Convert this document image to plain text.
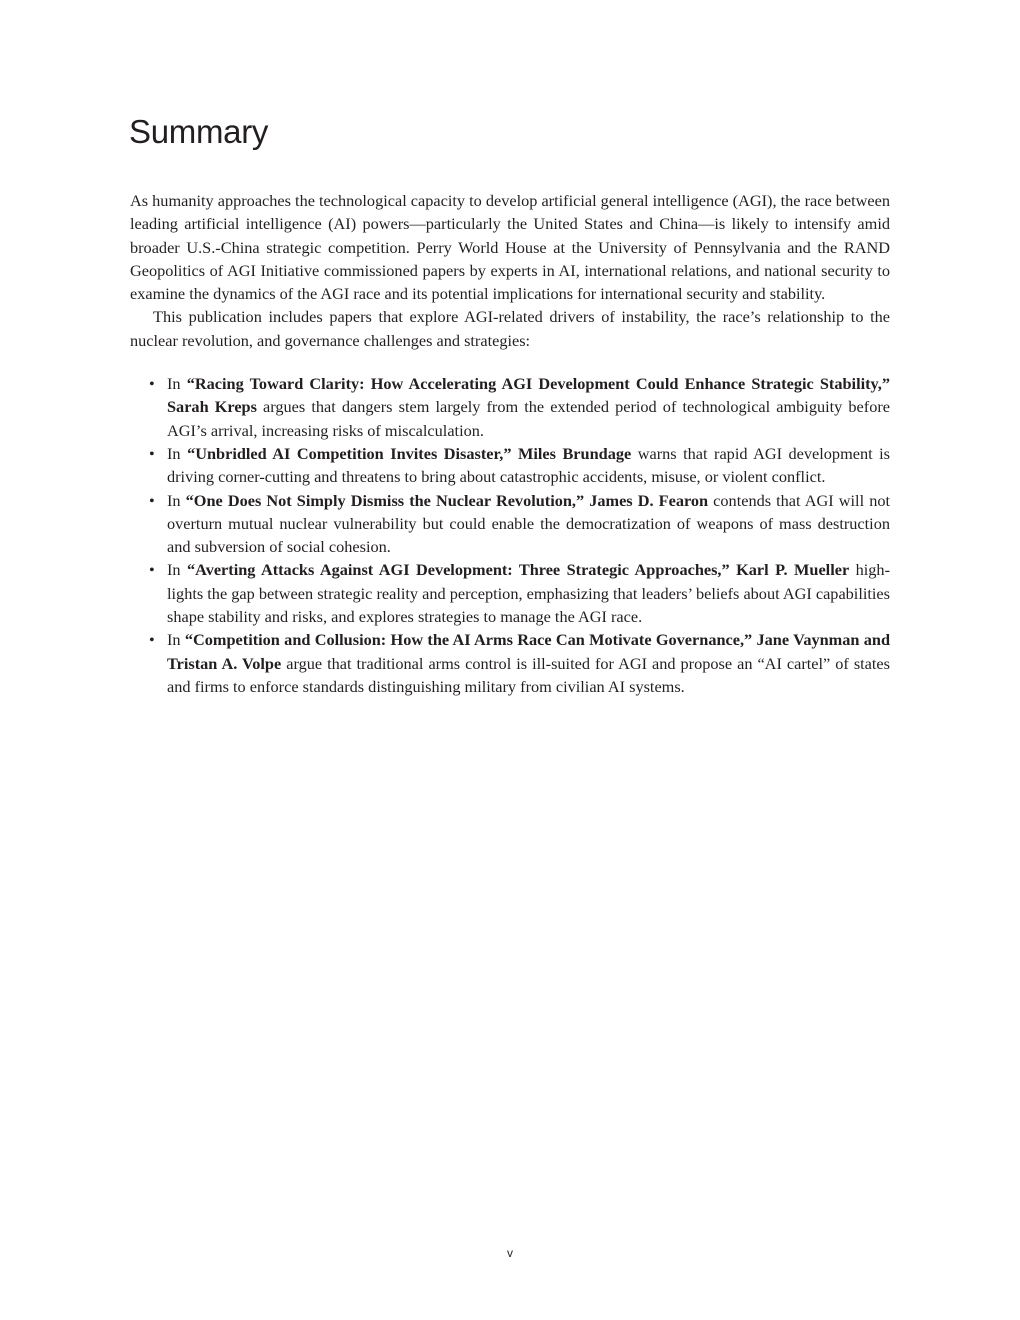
Summary

As humanity approaches the technological capacity to develop artificial general intelligence (AGI), the race between leading artificial intelligence (AI) powers—particularly the United States and China—is likely to intensify amid broader U.S.-China strategic competition. Perry World House at the University of Pennsylvania and the RAND Geopolitics of AGI Initiative commissioned papers by experts in AI, international relations, and national security to examine the dynamics of the AGI race and its potential implications for international security and stability.

This publication includes papers that explore AGI-related drivers of instability, the race’s relationship to the nuclear revolution, and governance challenges and strategies:

• In “Racing Toward Clarity: How Accelerating AGI Development Could Enhance Strategic Stability,” Sarah Kreps argues that dangers stem largely from the extended period of technological ambiguity before AGI’s arrival, increasing risks of miscalculation.
• In “Unbridled AI Competition Invites Disaster,” Miles Brundage warns that rapid AGI development is driving corner-cutting and threatens to bring about catastrophic accidents, misuse, or violent conflict.
• In “One Does Not Simply Dismiss the Nuclear Revolution,” James D. Fearon contends that AGI will not overturn mutual nuclear vulnerability but could enable the democratization of weapons of mass destruction and subversion of social cohesion.
• In “Averting Attacks Against AGI Development: Three Strategic Approaches,” Karl P. Mueller highlights the gap between strategic reality and perception, emphasizing that leaders’ beliefs about AGI capabilities shape stability and risks, and explores strategies to manage the AGI race.
• In “Competition and Collusion: How the AI Arms Race Can Motivate Governance,” Jane Vaynman and Tristan A. Volpe argue that traditional arms control is ill-suited for AGI and propose an “AI cartel” of states and firms to enforce standards distinguishing military from civilian AI systems.
v
